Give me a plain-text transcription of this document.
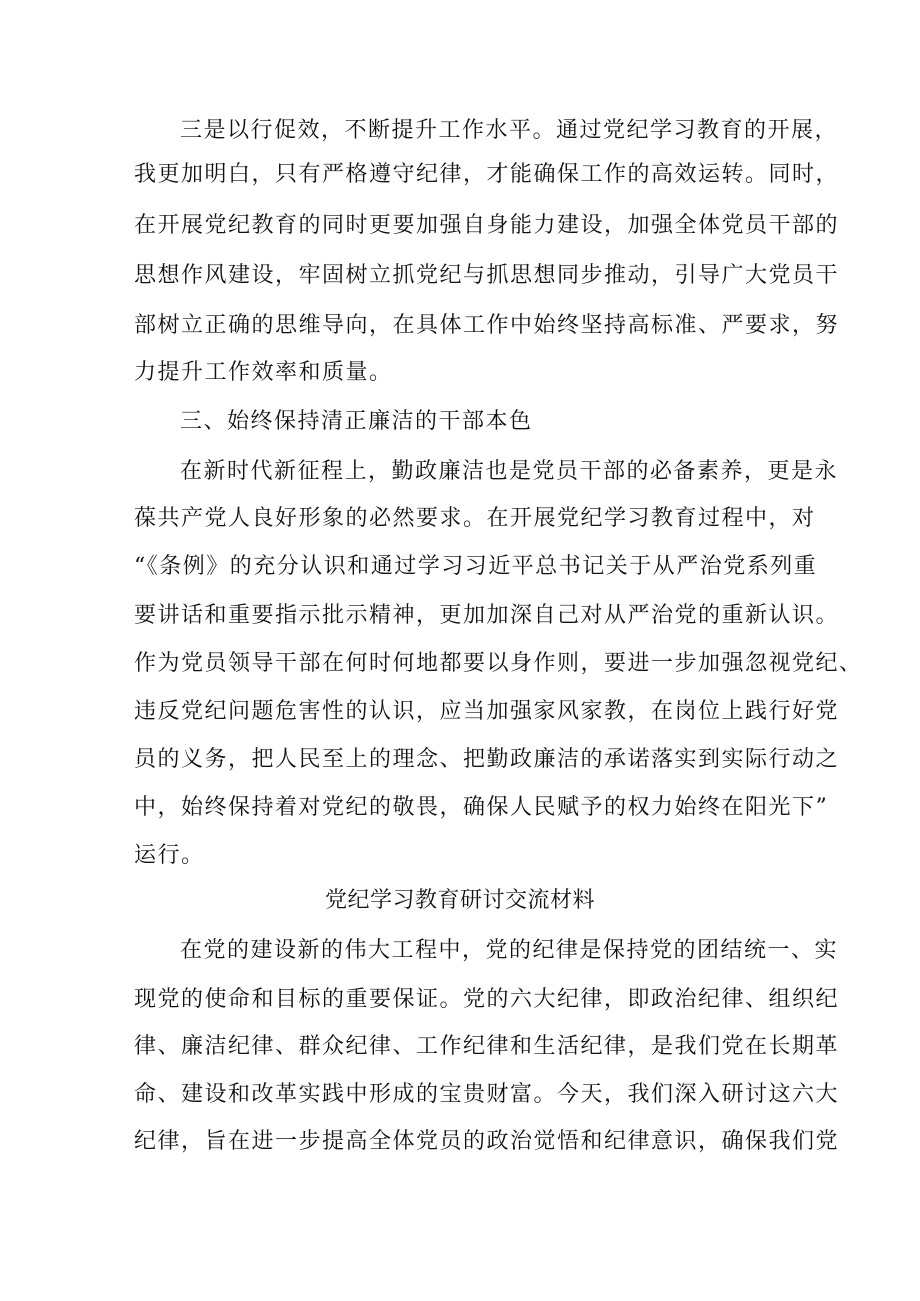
三是以行促效，不断提升工作水平。通过党纪学习教育的开展，
我更加明白，只有严格遵守纪律，才能确保工作的高效运转。同时，
在开展党纪教育的同时更要加强自身能力建设，加强全体党员干部的
思想作风建设，牢固树立抓党纪与抓思想同步推动，引导广大党员干
部树立正确的思维导向，在具体工作中始终坚持高标准、严要求，努
力提升工作效率和质量。
三、始终保持清正廉洁的干部本色
在新时代新征程上，勤政廉洁也是党员干部的必备素养，更是永
葆共产党人良好形象的必然要求。在开展党纪学习教育过程中，对
“《条例》的充分认识和通过学习习近平总书记关于从严治党系列重
要讲话和重要指示批示精神，更加加深自己对从严治党的重新认识。
作为党员领导干部在何时何地都要以身作则，要进一步加强忽视党纪、
违反党纪问题危害性的认识，应当加强家风家教，在岗位上践行好党
员的义务，把人民至上的理念、把勤政廉洁的承诺落实到实际行动之
中，始终保持着对党纪的敬畏，确保人民赋予的权力始终在阳光下”
运行。
党纪学习教育研讨交流材料
在党的建设新的伟大工程中，党的纪律是保持党的团结统一、实
现党的使命和目标的重要保证。党的六大纪律，即政治纪律、组织纪
律、廉洁纪律、群众纪律、工作纪律和生活纪律，是我们党在长期革
命、建设和改革实践中形成的宝贵财富。今天，我们深入研讨这六大
纪律，旨在进一步提高全体党员的政治觉悟和纪律意识，确保我们党
